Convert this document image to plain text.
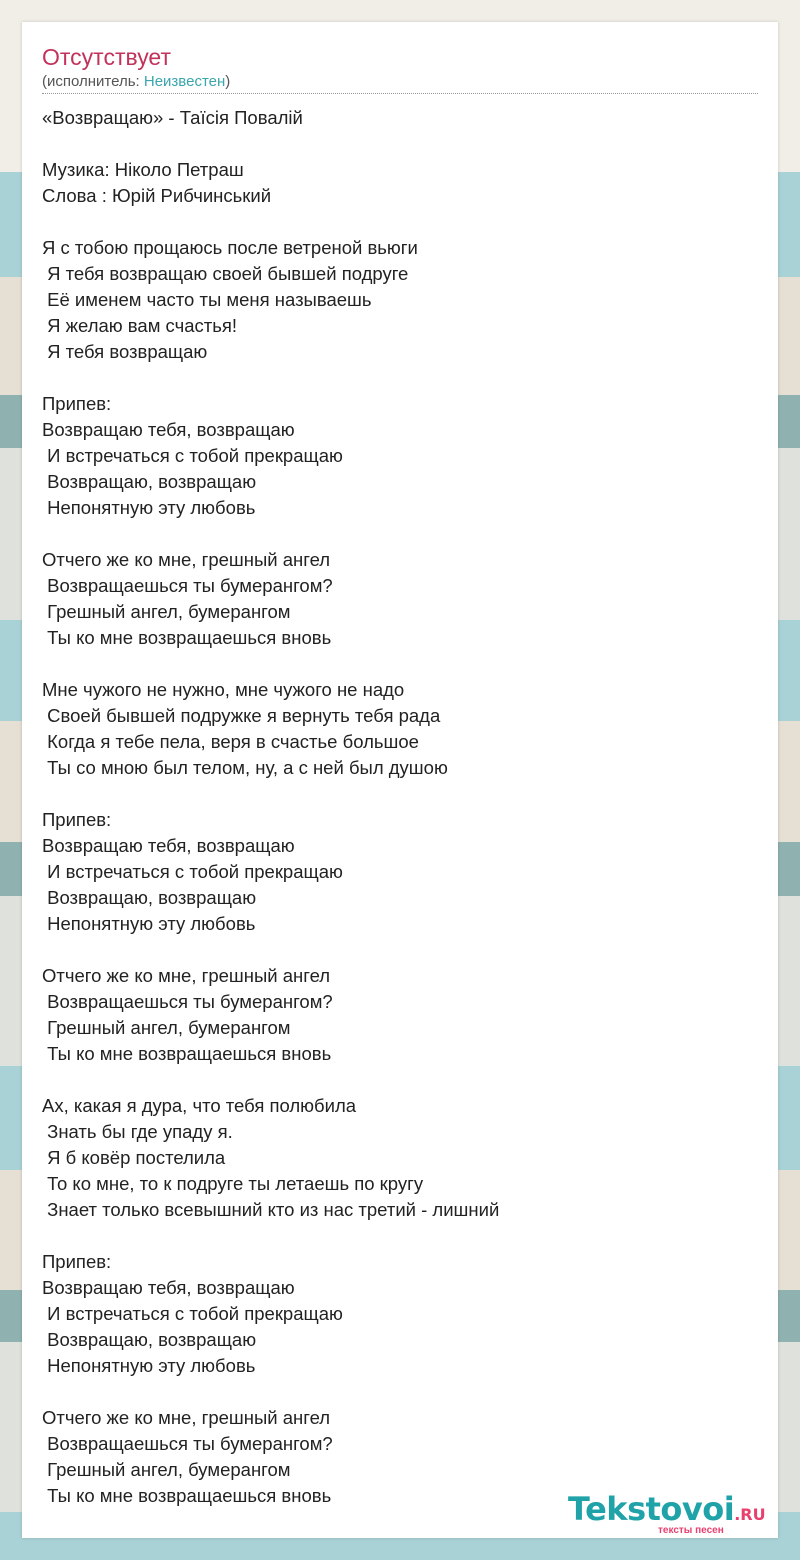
Отсутствует
(исполнитель: Неизвестен)
«Возвращаю» - Таїсія Повалій

Музика: Ніколо Петраш
Слова : Юрій Рибчинський

Я с тобою прощаюсь после ветреной вьюги
Я тебя возвращаю своей бывшей подруге
Её именем часто ты меня называешь
Я желаю вам счастья!
Я тебя возвращаю

Припев:
Возвращаю тебя, возвращаю
И встречаться с тобой прекращаю
Возвращаю, возвращаю
Непонятную эту любовь

Отчего же ко мне, грешный ангел
Возвращаешься ты бумерангом?
Грешный ангел, бумерангом
Ты ко мне возвращаешься вновь

Мне чужого не нужно, мне чужого не надо
Своей бывшей подружке я вернуть тебя рада
Когда я тебе пела, веря в счастье большое
Ты со мною был телом, ну, а с ней был душою

Припев:
Возвращаю тебя, возвращаю
И встречаться с тобой прекращаю
Возвращаю, возвращаю
Непонятную эту любовь

Отчего же ко мне, грешный ангел
Возвращаешься ты бумерангом?
Грешный ангел, бумерангом
Ты ко мне возвращаешься вновь

Ах, какая я дура, что тебя полюбила
Знать бы где упаду я.
Я б ковёр постелила
То ко мне, то к подруге ты летаешь по кругу
Знает только всевышний кто из нас третий - лишний

Припев:
Возвращаю тебя, возвращаю
И встречаться с тобой прекращаю
Возвращаю, возвращаю
Непонятную эту любовь

Отчего же ко мне, грешный ангел
Возвращаешься ты бумерангом?
Грешный ангел, бумерангом
Ты ко мне возвращаешься вновь	Tekstovoi.RU
тексты песен
